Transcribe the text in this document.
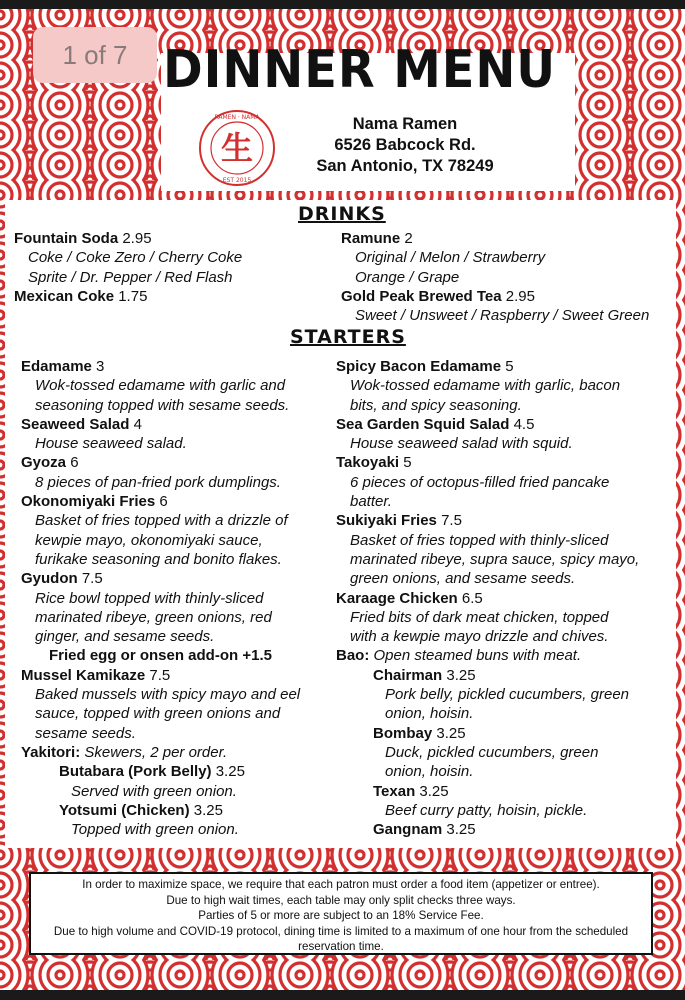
1 of 7 DINNER MENU
生
EST 2015
RAMEN · NAMA	Nama Ramen
6526 Babcock Rd.
San Antonio, TX 78249
DRINKS
Fountain Soda 2.95
Coke / Coke Zero / Cherry Coke
Sprite / Dr. Pepper / Red Flash
Mexican Coke 1.75
Ramune 2
Original / Melon / Strawberry
Orange / Grape
Gold Peak Brewed Tea 2.95
Sweet / Unsweet / Raspberry / Sweet Green
STARTERS
Edamame 3
Wok-tossed edamame with garlic and
seasoning topped with sesame seeds.
Seaweed Salad 4
House seaweed salad.
Gyoza 6
8 pieces of pan-fried pork dumplings.
Okonomiyaki Fries 6
Basket of fries topped with a drizzle of
kewpie mayo, okonomiyaki sauce,
furikake seasoning and bonito flakes.
Gyudon 7.5
Rice bowl topped with thinly-sliced
marinated ribeye, green onions, red
ginger, and sesame seeds.
Fried egg or onsen add-on +1.5
Mussel Kamikaze 7.5
Baked mussels with spicy mayo and eel
sauce, topped with green onions and
sesame seeds.
Yakitori: Skewers, 2 per order.
Butabara (Pork Belly) 3.25
Served with green onion.
Yotsumi (Chicken) 3.25
Topped with green onion.
Spicy Bacon Edamame 5
Wok-tossed edamame with garlic, bacon
bits, and spicy seasoning.
Sea Garden Squid Salad 4.5
House seaweed salad with squid.
Takoyaki 5
6 pieces of octopus-filled fried pancake
batter.
Sukiyaki Fries 7.5
Basket of fries topped with thinly-sliced
marinated ribeye, supra sauce, spicy mayo,
green onions, and sesame seeds.
Karaage Chicken 6.5
Fried bits of dark meat chicken, topped
with a kewpie mayo drizzle and chives.
Bao: Open steamed buns with meat.
Chairman 3.25
Pork belly, pickled cucumbers, green
onion, hoisin.
Bombay 3.25
Duck, pickled cucumbers, green
onion, hoisin.
Texan 3.25
Beef curry patty, hoisin, pickle.
Gangnam 3.25
In order to maximize space, we require that each patron must order a food item (appetizer or entree).
Due to high wait times, each table may only split checks three ways.
Parties of 5 or more are subject to an 18% Service Fee.
Due to high volume and COVID-19 protocol, dining time is limited to a maximum of one hour from the scheduled
reservation time.
